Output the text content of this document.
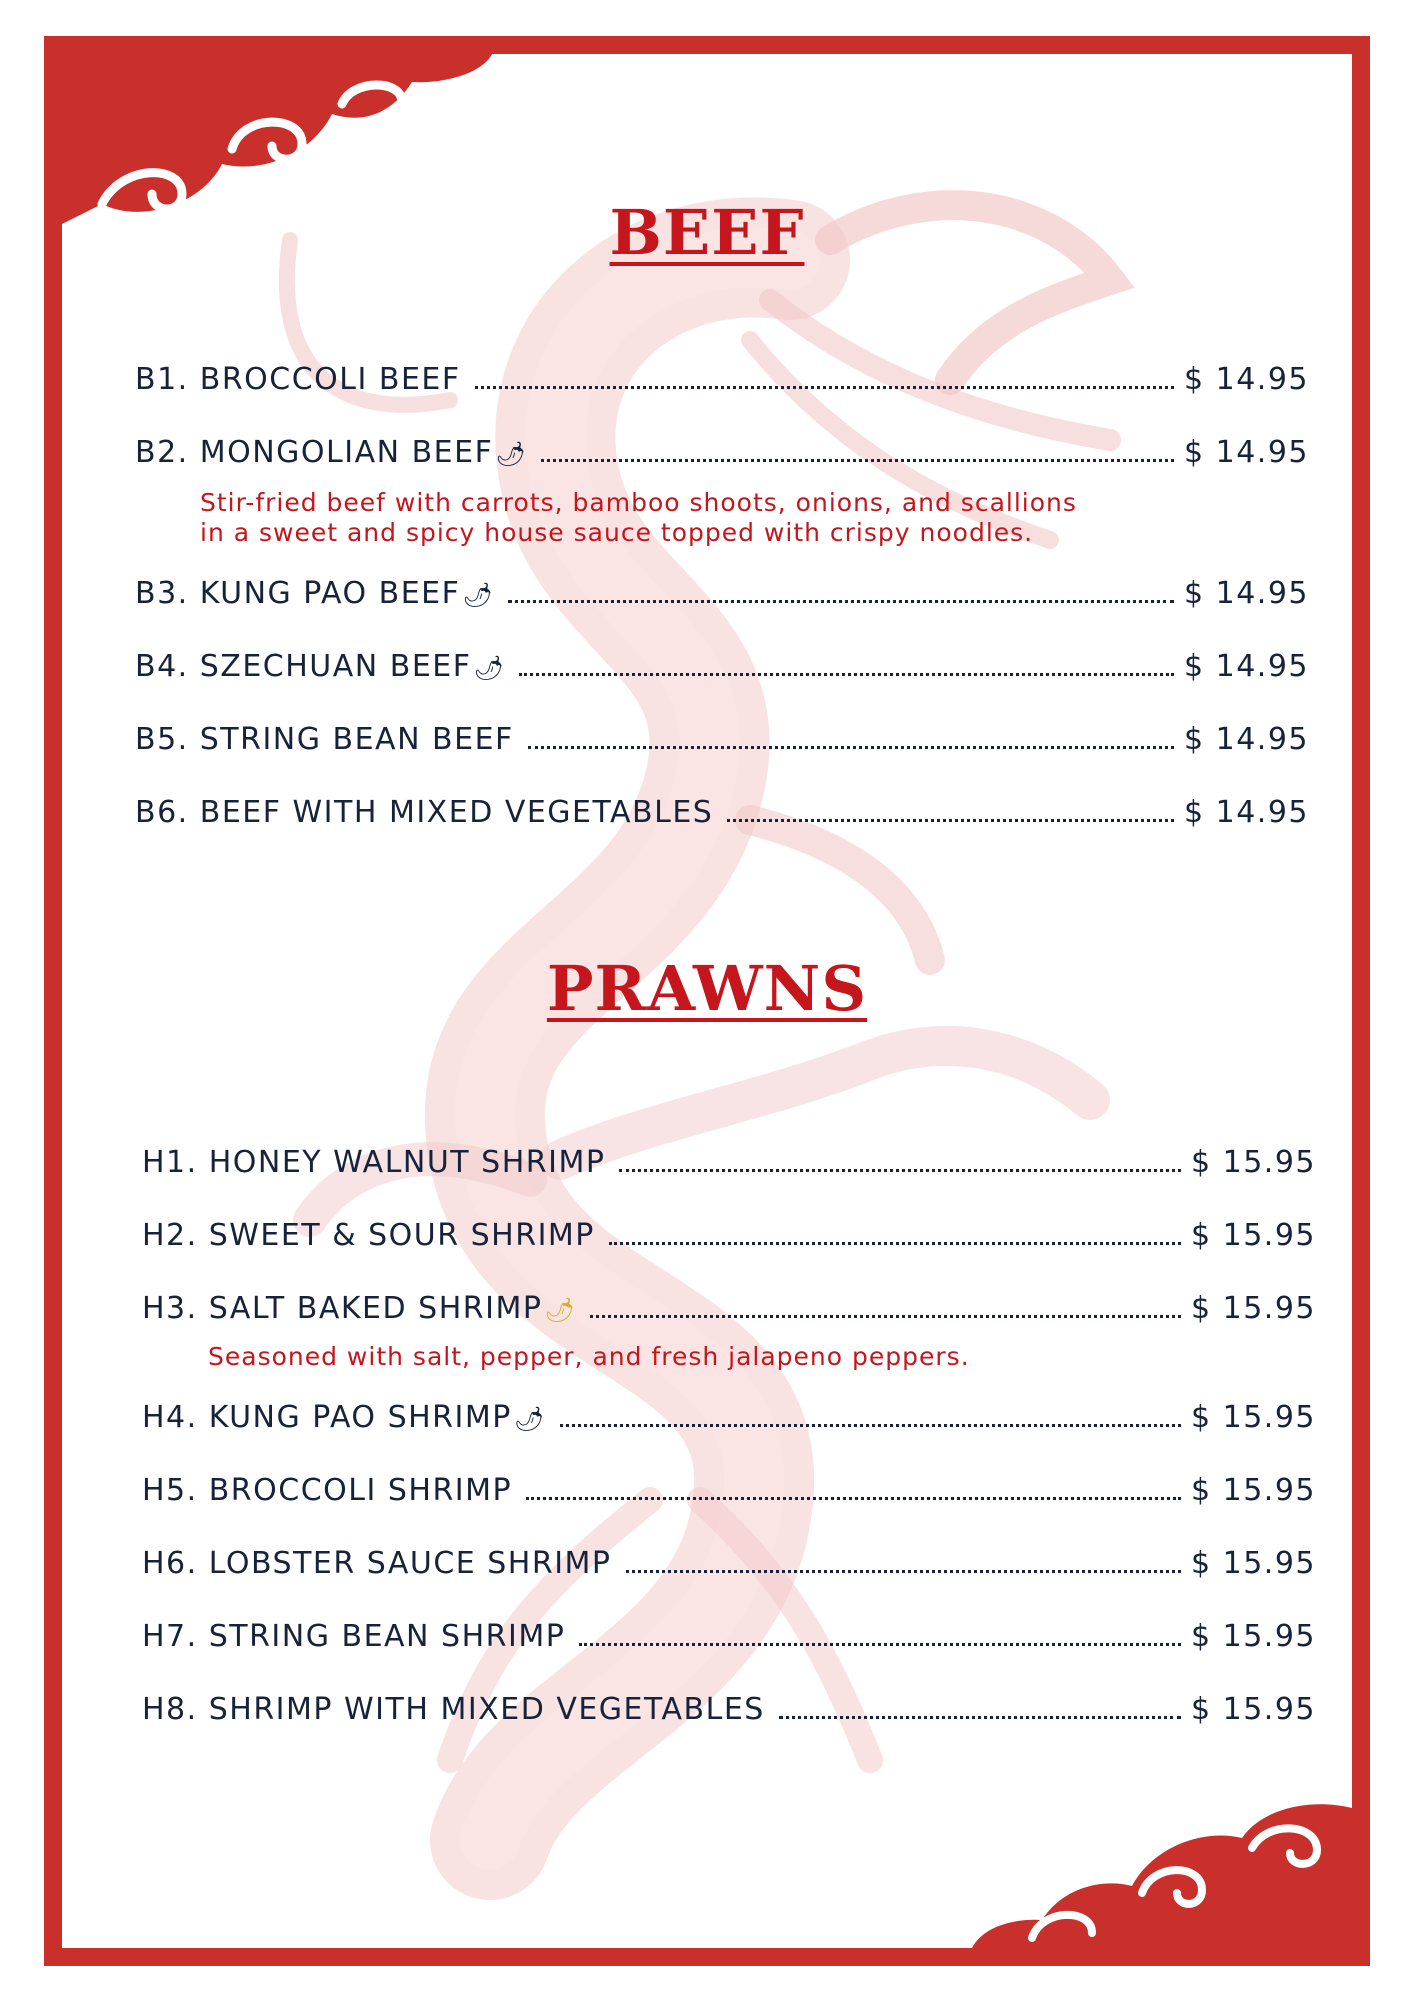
BEEF
B1. BROCCOLI BEEF	$ 14.95
B2. MONGOLIAN BEEF 🌶	$ 14.95
Stir-fried beef with carrots, bamboo shoots, onions, and scallions
in a sweet and spicy house sauce topped with crispy noodles.
B3. KUNG PAO BEEF 🌶	$ 14.95
B4. SZECHUAN BEEF 🌶	$ 14.95
B5. STRING BEAN BEEF	$ 14.95
B6. BEEF WITH MIXED VEGETABLES	$ 14.95
PRAWNS
H1. HONEY WALNUT SHRIMP	$ 15.95
H2. SWEET & SOUR SHRIMP	$ 15.95
H3. SALT BAKED SHRIMP 🌶	$ 15.95
Seasoned with salt, pepper, and fresh jalapeno peppers.
H4. KUNG PAO SHRIMP 🌶	$ 15.95
H5. BROCCOLI SHRIMP	$ 15.95
H6. LOBSTER SAUCE SHRIMP	$ 15.95
H7. STRING BEAN SHRIMP	$ 15.95
H8. SHRIMP WITH MIXED VEGETABLES	$ 15.95
